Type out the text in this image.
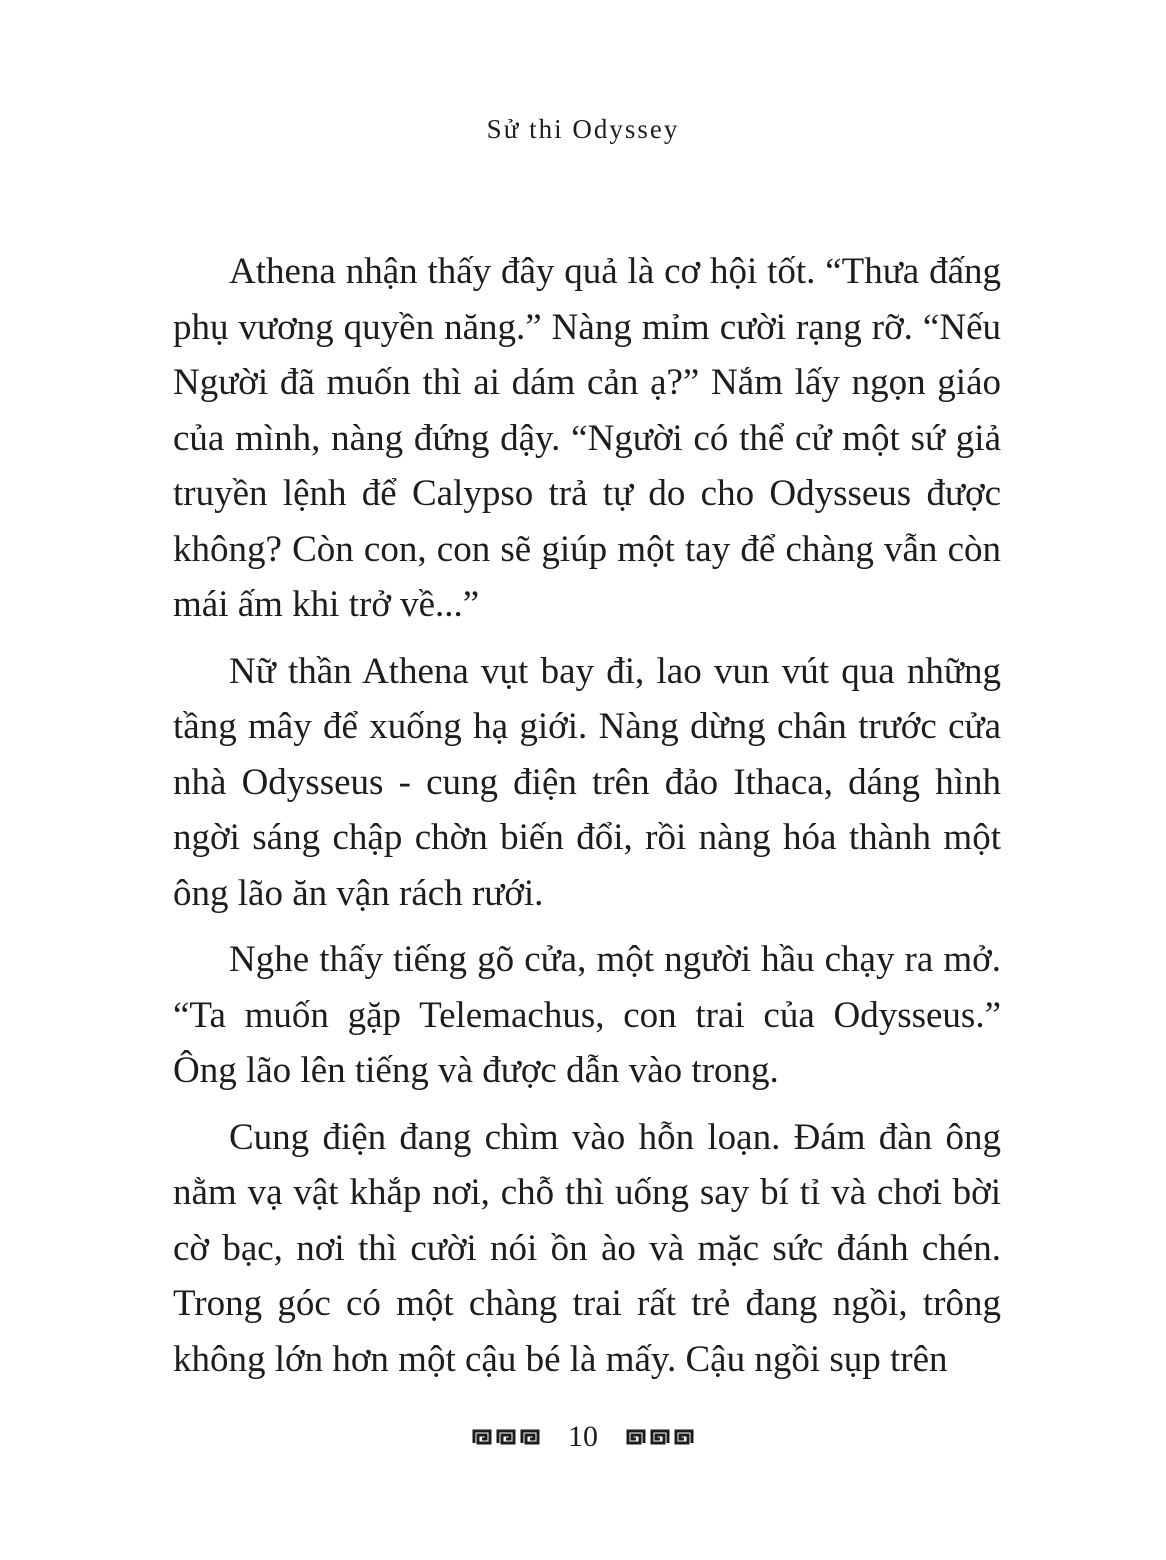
Sử thi Odyssey

Athena nhận thấy đây quả là cơ hội tốt. “Thưa đấng phụ vương quyền năng.” Nàng mỉm cười rạng rỡ. “Nếu Người đã muốn thì ai dám cản ạ?” Nắm lấy ngọn giáo của mình, nàng đứng dậy. “Người có thể cử một sứ giả truyền lệnh để Calypso trả tự do cho Odysseus được không? Còn con, con sẽ giúp một tay để chàng vẫn còn mái ấm khi trở về...”

Nữ thần Athena vụt bay đi, lao vun vút qua những tầng mây để xuống hạ giới. Nàng dừng chân trước cửa nhà Odysseus - cung điện trên đảo Ithaca, dáng hình ngời sáng chập chờn biến đổi, rồi nàng hóa thành một ông lão ăn vận rách rưới.

Nghe thấy tiếng gõ cửa, một người hầu chạy ra mở. “Ta muốn gặp Telemachus, con trai của Odysseus.” Ông lão lên tiếng và được dẫn vào trong.

Cung điện đang chìm vào hỗn loạn. Đám đàn ông nằm vạ vật khắp nơi, chỗ thì uống say bí tỉ và chơi bời cờ bạc, nơi thì cười nói ồn ào và mặc sức đánh chén. Trong góc có một chàng trai rất trẻ đang ngồi, trông không lớn hơn một cậu bé là mấy. Cậu ngồi sụp trên

10
